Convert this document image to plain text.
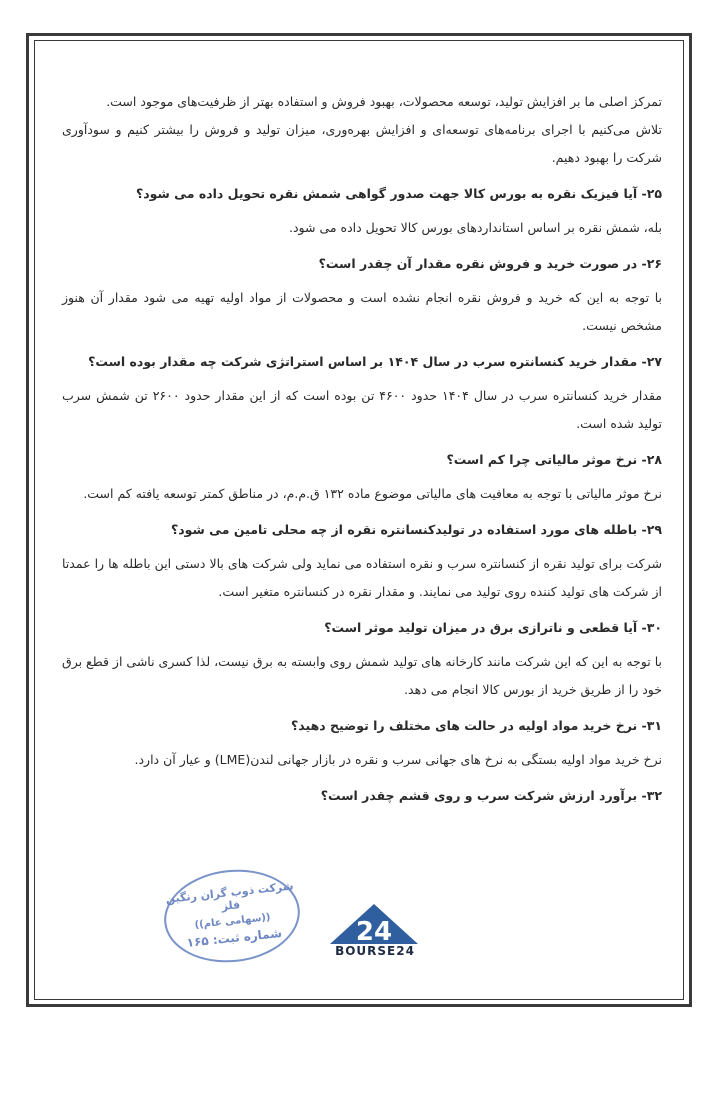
تمرکز اصلی ما بر افزایش تولید، توسعه محصولات، بهبود فروش و استفاده بهتر از ظرفیت‌های موجود است.

تلاش می‌کنیم با اجرای برنامه‌های توسعه‌ای و افزایش بهره‌وری، میزان تولید و فروش را بیشتر کنیم و سودآوری شرکت را بهبود دهیم.

۲۵- آیا فیزیک نقره به بورس کالا جهت صدور گواهی شمش نقره تحویل داده می شود؟

بله، شمش نقره بر اساس استانداردهای بورس کالا تحویل داده می شود.

۲۶- در صورت خرید و فروش نقره مقدار آن چقدر است؟

با توجه به این که خرید و فروش نقره انجام نشده است و محصولات از مواد اولیه تهیه می شود مقدار آن هنوز مشخص نیست.

۲۷- مقدار خرید کنسانتره سرب در سال ۱۴۰۴ بر اساس استراتژی شرکت چه مقدار بوده است؟

مقدار خرید کنسانتره سرب در سال ۱۴۰۴ حدود ۴۶۰۰ تن بوده است که از این مقدار حدود ۲۶۰۰ تن شمش سرب تولید شده است.

۲۸- نرخ موثر مالیاتی چرا کم است؟

نرخ موثر مالیاتی با توجه به معافیت های مالیاتی موضوع ماده ۱۳۲ ق.م.م، در مناطق کمتر توسعه یافته کم است.

۲۹- باطله های مورد استفاده در تولیدکنسانتره نقره از چه محلی تامین می شود؟

شرکت برای تولید نقره از کنسانتره سرب و نقره استفاده می نماید ولی شرکت های بالا دستی این باطله ها را عمدتا از شرکت های تولید کننده روی تولید می نمایند. و مقدار نقره در کنسانتره متغیر است.

۳۰- آیا قطعی و ناترازی برق در میزان تولید موثر است؟

با توجه به این که این شرکت مانند کارخانه های تولید شمش روی وابسته به برق نیست، لذا کسری ناشی از قطع برق خود را از طریق خرید از بورس کالا انجام می دهد.

۳۱- نرخ خرید مواد اولیه در حالت های مختلف را توضیح دهید؟

نرخ خرید مواد اولیه بستگی به نرخ های جهانی سرب و نقره در بازار جهانی لندن(LME) و عیار آن دارد.

۳۲- برآورد ارزش شرکت سرب و روی قشم چقدر است؟

شرکت ذوب گران رنگین فلز
((سهامی عام))
شماره ثبت: ۱۶۵	24
BOURSE24
